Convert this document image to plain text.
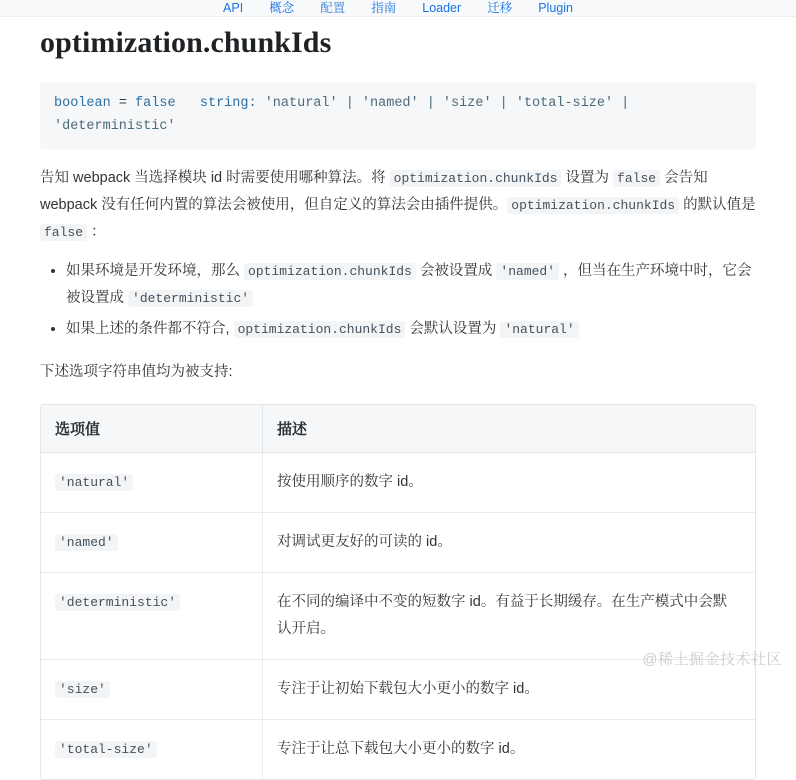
API 概念 配置 指南 Loader 迁移 Plugin
optimization.chunkIds
boolean = false string: 'natural' | 'named' | 'size' | 'total-size' | 'deterministic'

告知 webpack 当选择模块 id 时需要使用哪种算法。将 optimization.chunkIds 设置为 false 会告知 webpack 没有任何内置的算法会被使用，但自定义的算法会由插件提供。 optimization.chunkIds 的默认值是 false ：

• 如果环境是开发环境，那么 optimization.chunkIds 会被设置成 'named' ，但当在生产环境中时，它会被设置成 'deterministic'
• 如果上述的条件都不符合, optimization.chunkIds 会默认设置为 'natural'

下述选项字符串值均为被支持:

选项值	描述
'natural'	按使用顺序的数字 id。
'named'	对调试更友好的可读的 id。
'deterministic'	在不同的编译中不变的短数字 id。有益于长期缓存。在生产模式中会默认开启。
'size'	专注于让初始下载包大小更小的数字 id。
'total-size'	专注于让总下载包大小更小的数字 id。
@稀土掘金技术社区
